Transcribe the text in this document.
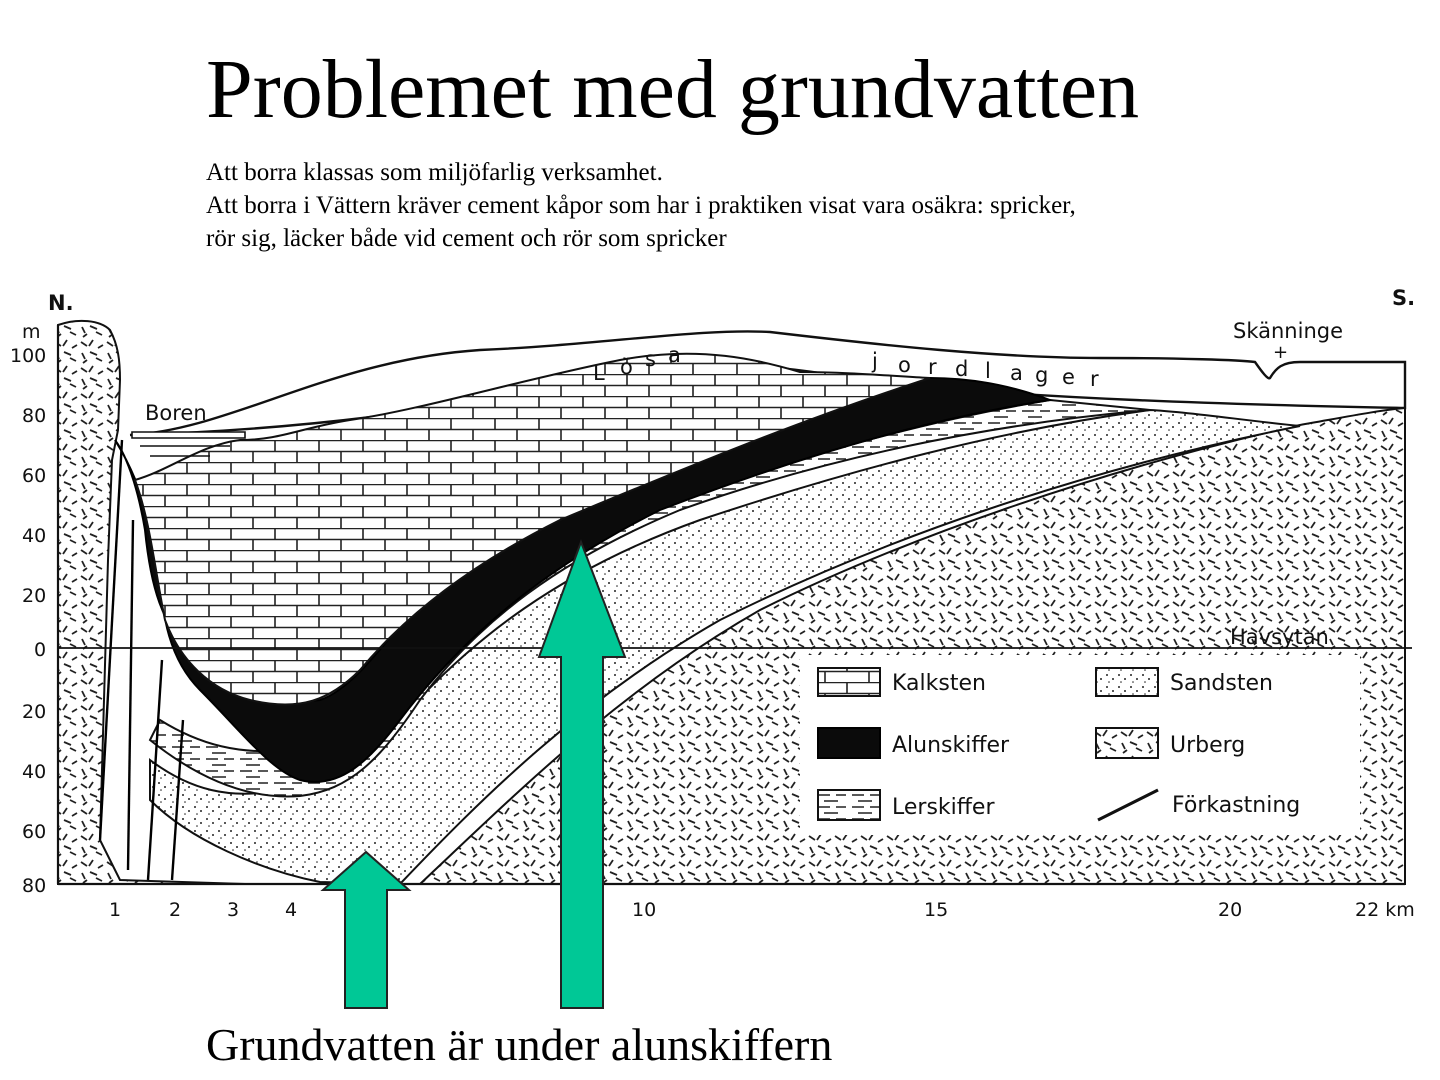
Problemet med grundvatten
Att borra klassas som miljöfarlig verksamhet.
Att borra i Vättern kräver cement kåpor som har i praktiken visat vara osäkra: spricker,
rör sig, läcker både vid cement och rör som spricker
m
100
80
60
40
20
0
20
40
60
80
1	2 3 4	10	15	20	22 km
N.	S.
Boren
Skänninge
+
Havsytan
L ö s a	j o r d l a g e r
Kalksten	Sandsten
Alunskiffer	Urberg
Lerskiffer	Förkastning
Grundvatten är under alunskiffern
